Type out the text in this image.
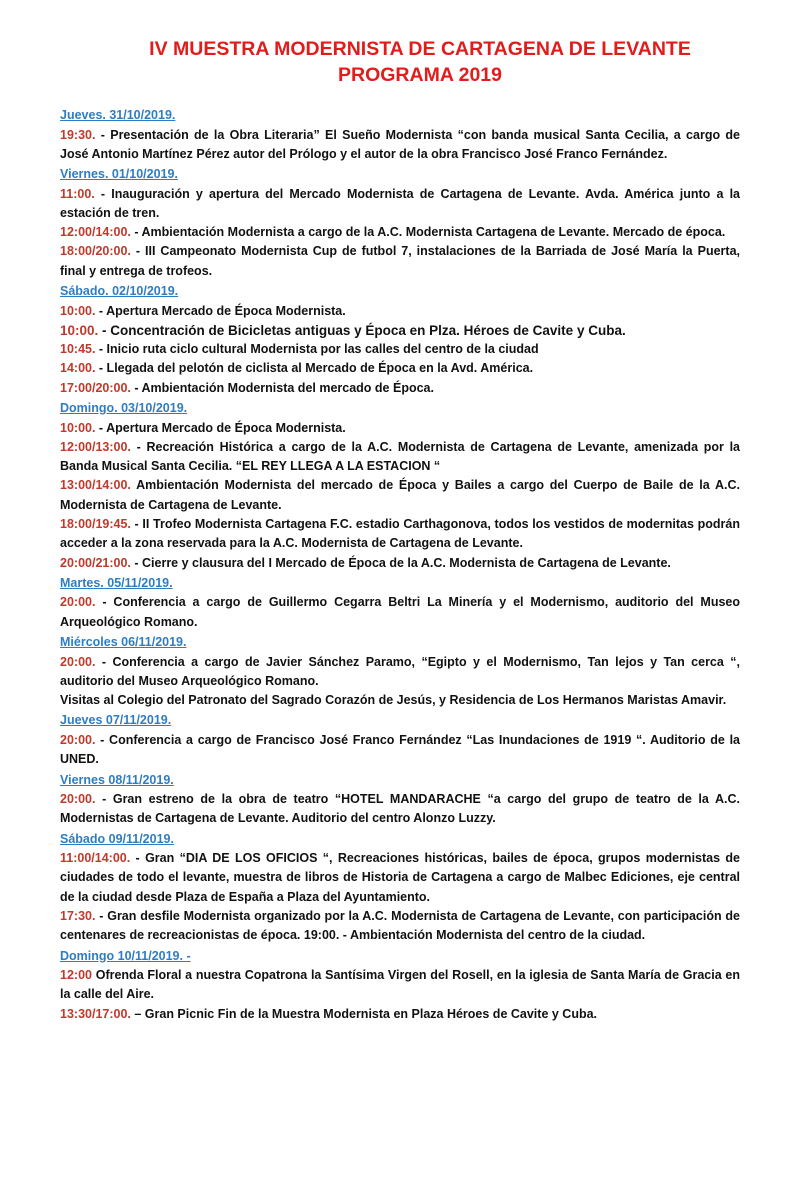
IV MUESTRA MODERNISTA DE CARTAGENA DE LEVANTE
PROGRAMA 2019
Jueves. 31/10/2019.

19:30. - Presentación de la Obra Literaria” El Sueño Modernista “con banda musical Santa Cecilia, a cargo de José Antonio Martínez Pérez autor del Prólogo y el autor de la obra Francisco José Franco Fernández.

Viernes. 01/10/2019.

11:00. - Inauguración y apertura del Mercado Modernista de Cartagena de Levante. Avda. América junto a la estación de tren.

12:00/14:00. - Ambientación Modernista a cargo de la A.C. Modernista Cartagena de Levante. Mercado de época.

18:00/20:00. - III Campeonato Modernista Cup de futbol 7, instalaciones de la Barriada de José María la Puerta, final y entrega de trofeos.

Sábado. 02/10/2019.

10:00. - Apertura Mercado de Época Modernista.

10:00. - Concentración de Bicicletas antiguas y Época en Plza. Héroes de Cavite y Cuba.

10:45. - Inicio ruta ciclo cultural Modernista por las calles del centro de la ciudad

14:00. - Llegada del pelotón de ciclista al Mercado de Época en la Avd. América.

17:00/20:00. - Ambientación Modernista del mercado de Época.

Domingo. 03/10/2019.

10:00. - Apertura Mercado de Época Modernista.

12:00/13:00. - Recreación Histórica a cargo de la A.C. Modernista de Cartagena de Levante, amenizada por la Banda Musical Santa Cecilia. “EL REY LLEGA A LA ESTACION “

13:00/14:00. Ambientación Modernista del mercado de Época y Bailes a cargo del Cuerpo de Baile de la A.C. Modernista de Cartagena de Levante.

18:00/19:45. - II Trofeo Modernista Cartagena F.C. estadio Carthagonova, todos los vestidos de modernitas podrán acceder a la zona reservada para la A.C. Modernista de Cartagena de Levante.

20:00/21:00. - Cierre y clausura del I Mercado de Época de la A.C. Modernista de Cartagena de Levante.

Martes. 05/11/2019.

20:00. - Conferencia a cargo de Guillermo Cegarra Beltri La Minería y el Modernismo, auditorio del Museo Arqueológico Romano.

Miércoles 06/11/2019.

20:00. - Conferencia a cargo de Javier Sánchez Paramo, “Egipto y el Modernismo, Tan lejos y Tan cerca “, auditorio del Museo Arqueológico Romano.

Visitas al Colegio del Patronato del Sagrado Corazón de Jesús, y Residencia de Los Hermanos Maristas Amavir.

Jueves 07/11/2019.

20:00. - Conferencia a cargo de Francisco José Franco Fernández “Las Inundaciones de 1919 “. Auditorio de la UNED.

Viernes 08/11/2019.

20:00. - Gran estreno de la obra de teatro “HOTEL MANDARACHE “a cargo del grupo de teatro de la A.C. Modernistas de Cartagena de Levante. Auditorio del centro Alonzo Luzzy.

Sábado 09/11/2019.

11:00/14:00. - Gran “DIA DE LOS OFICIOS “, Recreaciones históricas, bailes de época, grupos modernistas de ciudades de todo el levante, muestra de libros de Historia de Cartagena a cargo de Malbec Ediciones, eje central de la ciudad desde Plaza de España a Plaza del Ayuntamiento.

17:30. - Gran desfile Modernista organizado por la A.C. Modernista de Cartagena de Levante, con participación de centenares de recreacionistas de época. 19:00. - Ambientación Modernista del centro de la ciudad.

Domingo 10/11/2019. -

12:00 Ofrenda Floral a nuestra Copatrona la Santísima Virgen del Rosell, en la iglesia de Santa María de Gracia en la calle del Aire.

13:30/17:00. – Gran Picnic Fin de la Muestra Modernista en Plaza Héroes de Cavite y Cuba.
